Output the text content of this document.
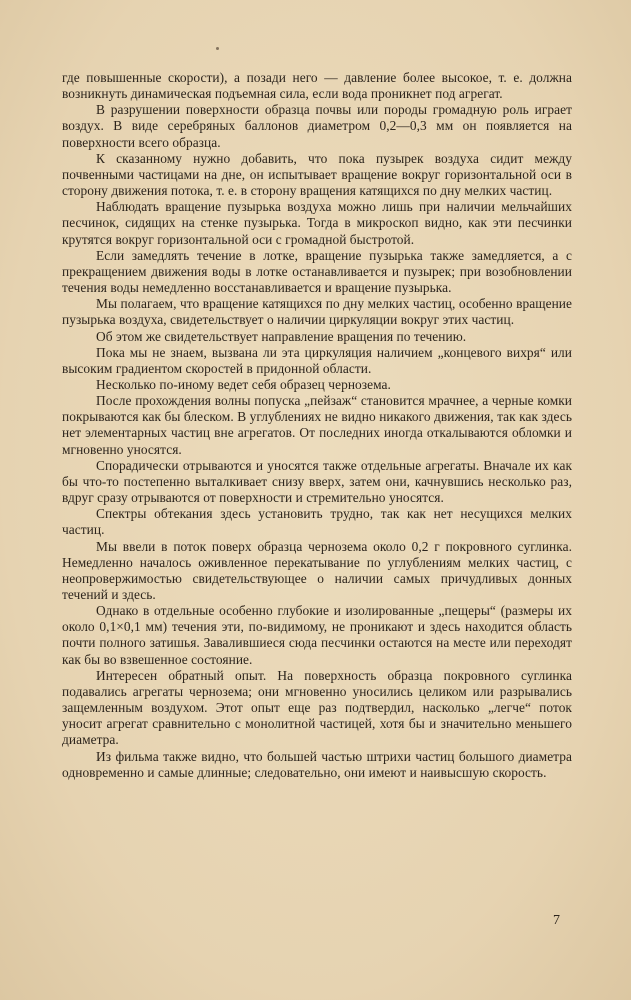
где повышенные скорости), а позади него — давление более высокое, т. е. должна возникнуть динамическая подъемная сила, если вода проникнет под агрегат.

В разрушении поверхности образца почвы или породы громадную роль играет воздух. В виде серебряных баллонов диаметром 0,2—0,3 мм он появляется на поверхности всего образца.

К сказанному нужно добавить, что пока пузырек воздуха сидит между почвенными частицами на дне, он испытывает вращение вокруг горизонтальной оси в сторону движения потока, т. е. в сторону вращения катящихся по дну мелких частиц.

Наблюдать вращение пузырька воздуха можно лишь при наличии мельчайших песчинок, сидящих на стенке пузырька. Тогда в микроскоп видно, как эти песчинки крутятся вокруг горизонтальной оси с громадной быстротой.

Если замедлять течение в лотке, вращение пузырька также замедляется, а с прекращением движения воды в лотке останавливается и пузырек; при возобновлении течения воды немедленно восстанавливается и вращение пузырька.

Мы полагаем, что вращение катящихся по дну мелких частиц, особенно вращение пузырька воздуха, свидетельствует о наличии циркуляции вокруг этих частиц.

Об этом же свидетельствует направление вращения по течению.

Пока мы не знаем, вызвана ли эта циркуляция наличием „концевого вихря“ или высоким градиентом скоростей в придонной области.

Несколько по-иному ведет себя образец чернозема.

После прохождения волны попуска „пейзаж“ становится мрачнее, а черные комки покрываются как бы блеском. В углублениях не видно никакого движения, так как здесь нет элементарных частиц вне агрегатов. От последних иногда откалываются обломки и мгновенно уносятся.

Спорадически отрываются и уносятся также отдельные агрегаты. Вначале их как бы что-то постепенно выталкивает снизу вверх, затем они, качнувшись несколько раз, вдруг сразу отрываются от поверхности и стремительно уносятся.

Спектры обтекания здесь установить трудно, так как нет несущихся мелких частиц.

Мы ввели в поток поверх образца чернозема около 0,2 г покровного суглинка. Немедленно началось оживленное перекатывание по углублениям мелких частиц, с неопровержимостью свидетельствующее о наличии самых причудливых донных течений и здесь.

Однако в отдельные особенно глубокие и изолированные „пещеры“ (размеры их около 0,1×0,1 мм) течения эти, по-видимому, не проникают и здесь находится область почти полного затишья. Завалившиеся сюда песчинки остаются на месте или переходят как бы во взвешенное состояние.

Интересен обратный опыт. На поверхность образца покровного суглинка подавались агрегаты чернозема; они мгновенно уносились целиком или разрывались защемленным воздухом. Этот опыт еще раз подтвердил, насколько „легче“ поток уносит агрегат сравнительно с монолитной частицей, хотя бы и значительно меньшего диаметра.

Из фильма также видно, что большей частью штрихи частиц большого диаметра одновременно и самые длинные; следовательно, они имеют и наивысшую скорость.

7
